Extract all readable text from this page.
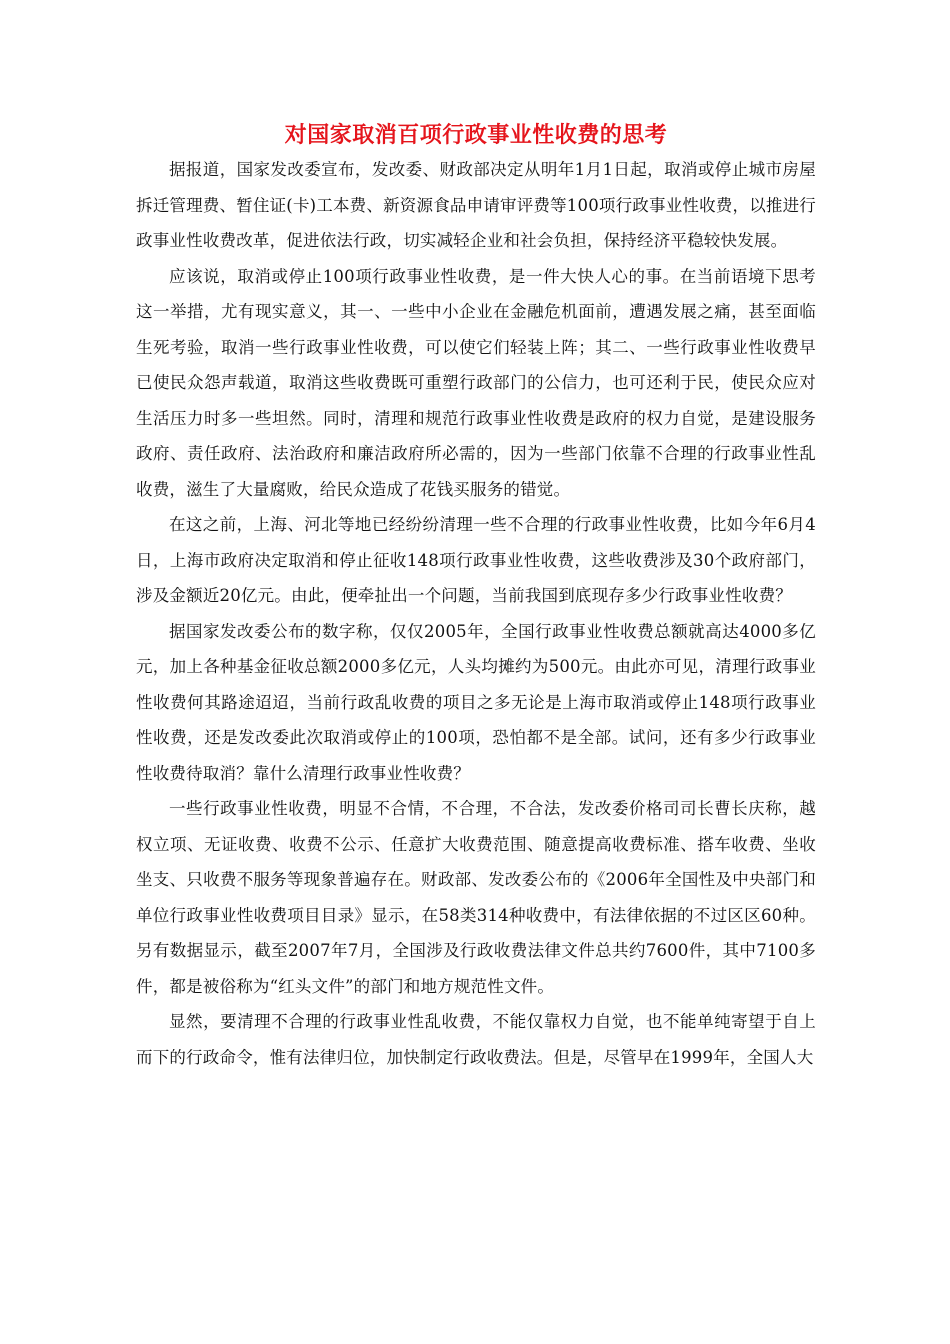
对国家取消百项行政事业性收费的思考

据报道，国家发改委宣布，发改委、财政部决定从明年1月1日起，取消或停止城市房屋拆迁管理费、暂住证(卡)工本费、新资源食品申请审评费等100项行政事业性收费，以推进行政事业性收费改革，促进依法行政，切实减轻企业和社会负担，保持经济平稳较快发展。

应该说，取消或停止100项行政事业性收费，是一件大快人心的事。在当前语境下思考这一举措，尤有现实意义，其一、一些中小企业在金融危机面前，遭遇发展之痛，甚至面临生死考验，取消一些行政事业性收费，可以使它们轻装上阵；其二、一些行政事业性收费早已使民众怨声载道，取消这些收费既可重塑行政部门的公信力，也可还利于民，使民众应对生活压力时多一些坦然。同时，清理和规范行政事业性收费是政府的权力自觉，是建设服务政府、责任政府、法治政府和廉洁政府所必需的，因为一些部门依靠不合理的行政事业性乱收费，滋生了大量腐败，给民众造成了花钱买服务的错觉。

在这之前，上海、河北等地已经纷纷清理一些不合理的行政事业性收费，比如今年6月4日，上海市政府决定取消和停止征收148项行政事业性收费，这些收费涉及30个政府部门，涉及金额近20亿元。由此，便牵扯出一个问题，当前我国到底现存多少行政事业性收费？

据国家发改委公布的数字称，仅仅2005年，全国行政事业性收费总额就高达4000多亿元，加上各种基金征收总额2000多亿元，人头均摊约为500元。由此亦可见，清理行政事业性收费何其路途迢迢，当前行政乱收费的项目之多无论是上海市取消或停止148项行政事业性收费，还是发改委此次取消或停止的100项，恐怕都不是全部。试问，还有多少行政事业性收费待取消？靠什么清理行政事业性收费？

一些行政事业性收费，明显不合情，不合理，不合法，发改委价格司司长曹长庆称，越权立项、无证收费、收费不公示、任意扩大收费范围、随意提高收费标准、搭车收费、坐收坐支、只收费不服务等现象普遍存在。财政部、发改委公布的《2006年全国性及中央部门和单位行政事业性收费项目目录》显示，在58类314种收费中，有法律依据的不过区区60种。另有数据显示，截至2007年7月，全国涉及行政收费法律文件总共约7600件，其中7100多件，都是被俗称为“红头文件”的部门和地方规范性文件。

显然，要清理不合理的行政事业性乱收费，不能仅靠权力自觉，也不能单纯寄望于自上而下的行政命令，惟有法律归位，加快制定行政收费法。但是，尽管早在1999年，全国人大
